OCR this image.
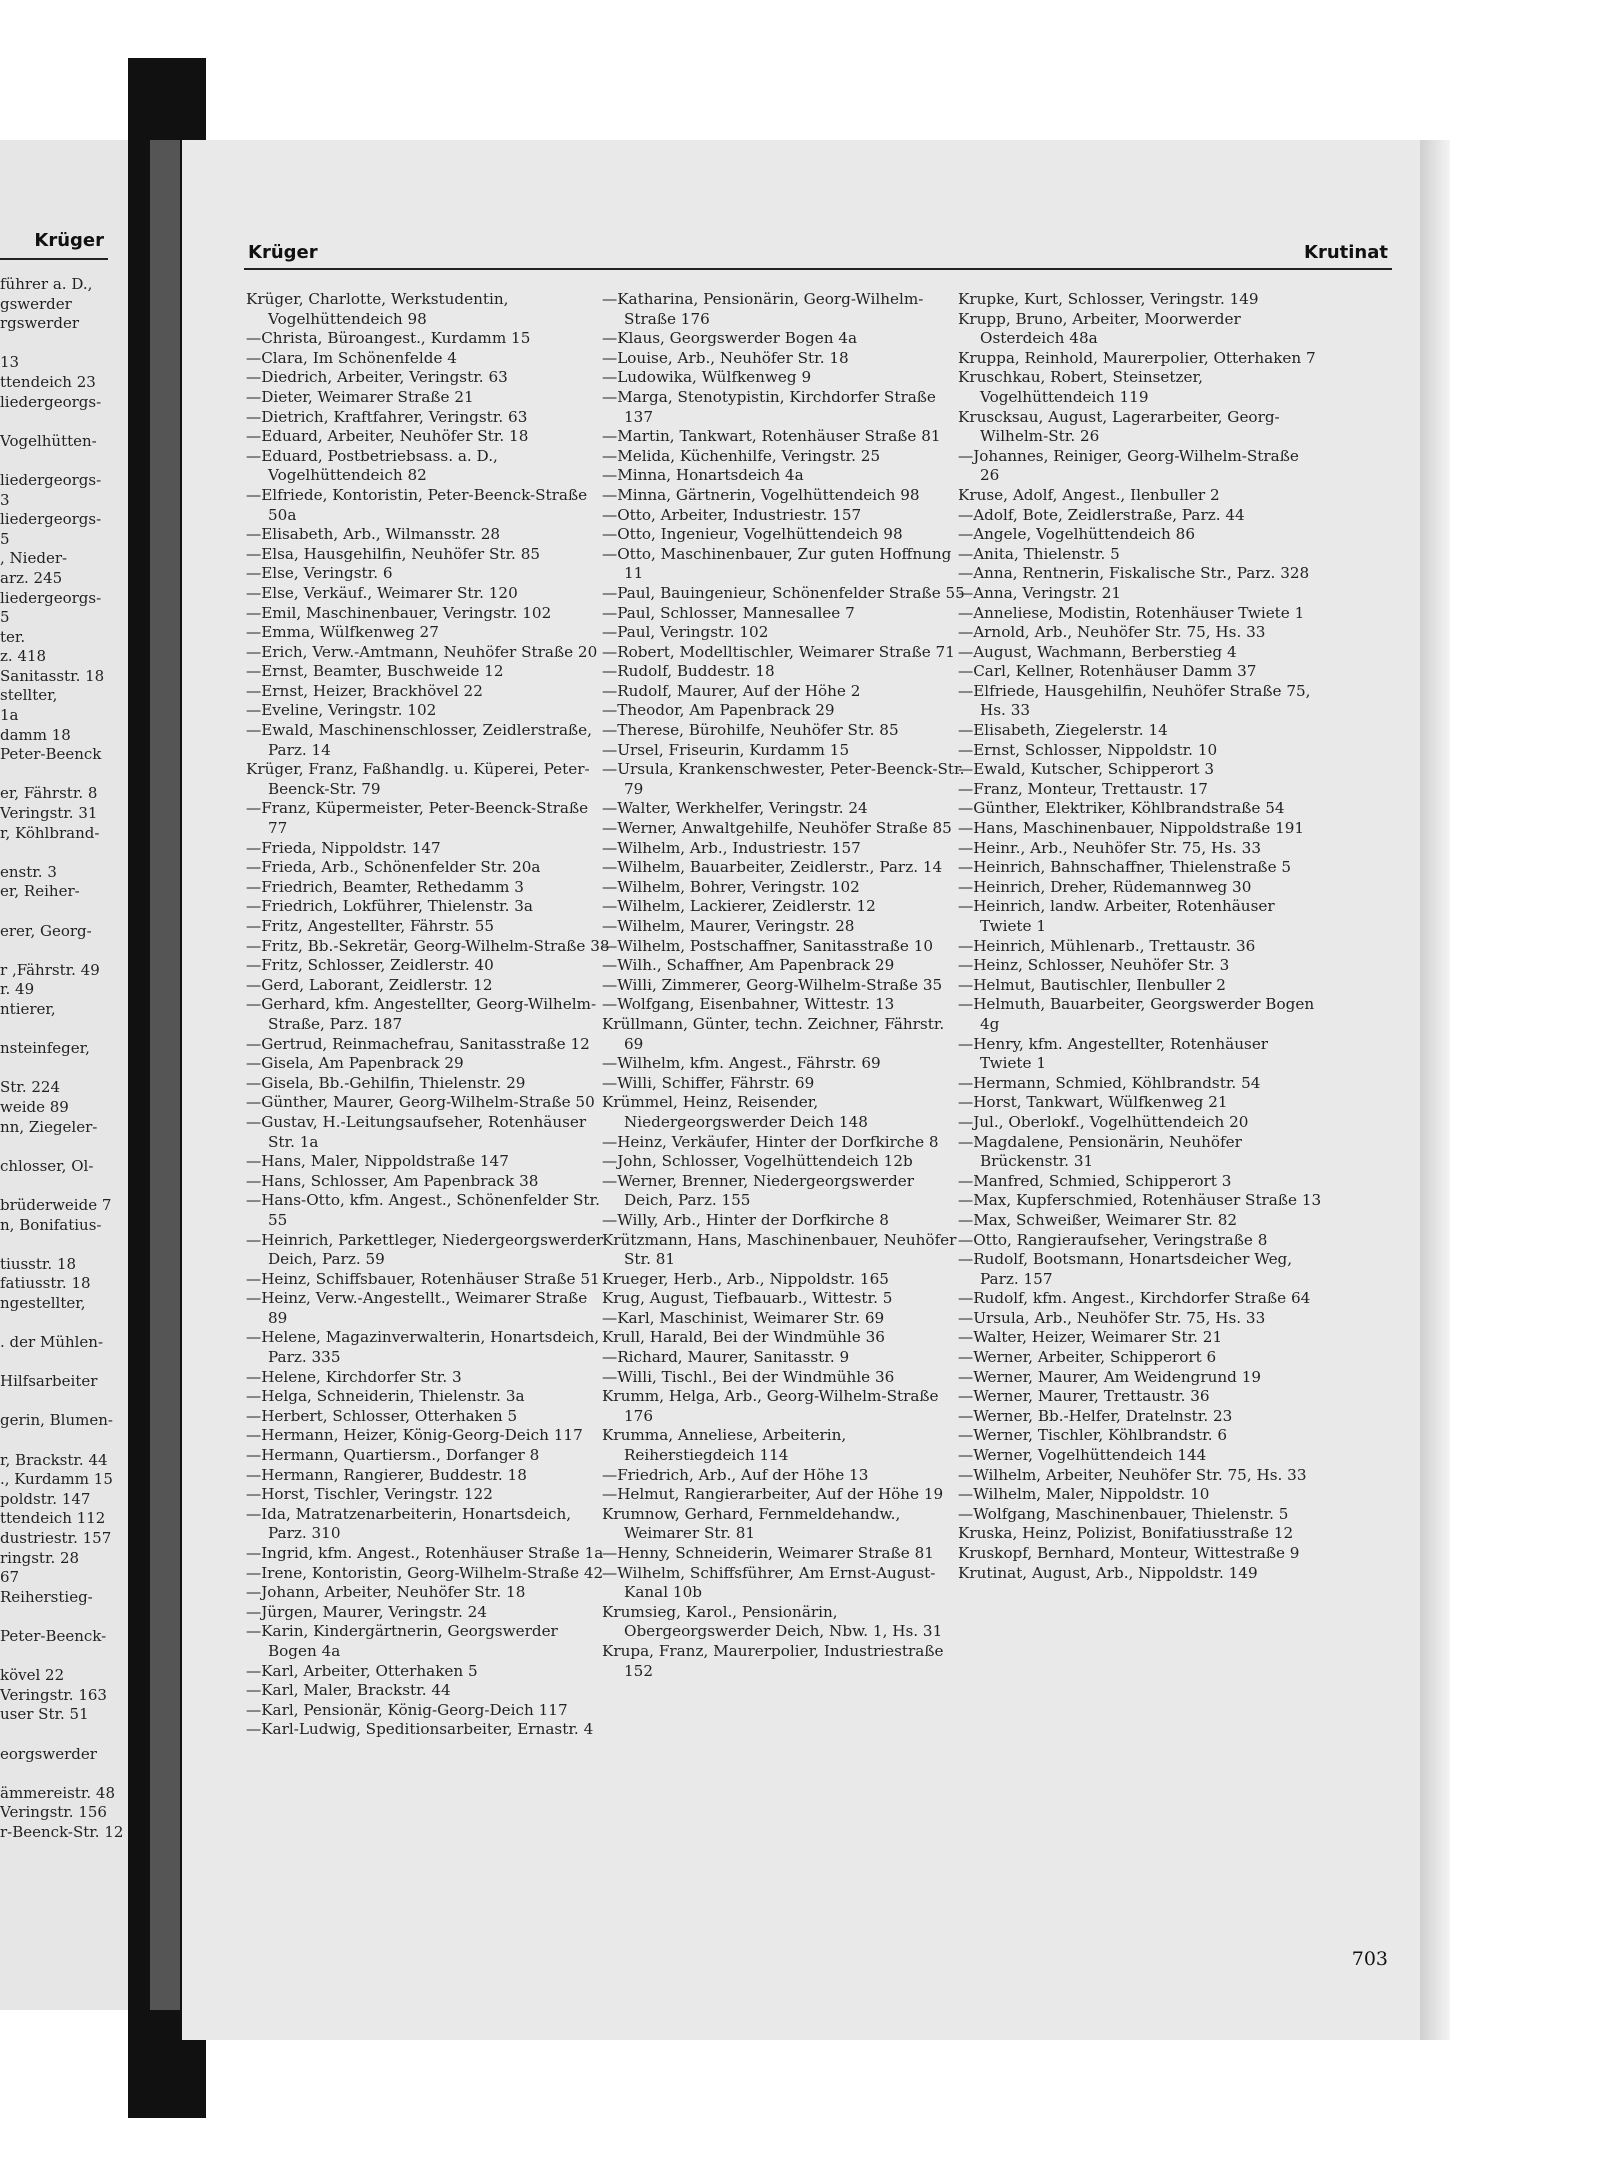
Krüger
führer a. D.,
gswerder
rgswerder

13
ttendeich 23
liedergeorgs-

Vogelhütten-

liedergeorgs-
3
liedergeorgs-
5
, Nieder-
arz. 245
liedergeorgs-
5
ter.
z. 418
Sanitasstr. 18
stellter,
1a
damm 18
Peter-Beenck

er, Fährstr. 8
Veringstr. 31
r, Köhlbrand-

enstr. 3
er, Reiher-

erer, Georg-

r ,Fährstr. 49
r. 49
ntierer,

nsteinfeger,

Str. 224
weide 89
nn, Ziegeler-

chlosser, Ol-

brüderweide 7
n, Bonifatius-

tiusstr. 18
fatiusstr. 18
ngestellter,

. der Mühlen-

Hilfsarbeiter

gerin, Blumen-

r, Brackstr. 44
., Kurdamm 15
poldstr. 147
ttendeich 112
dustriestr. 157
ringstr. 28
67
Reiherstieg-

Peter-Beenck-

kövel 22
Veringstr. 163
user Str. 51

eorgswerder

ämmereistr. 48
Veringstr. 156
r-Beenck-Str. 12
Krüger	Krutinat
Krüger, Charlotte, Werkstudentin, Vogelhüttendeich 98
—Christa, Büroangest., Kurdamm 15
—Clara, Im Schönenfelde 4
—Diedrich, Arbeiter, Veringstr. 63
—Dieter, Weimarer Straße 21
—Dietrich, Kraftfahrer, Veringstr. 63
—Eduard, Arbeiter, Neuhöfer Str. 18
—Eduard, Postbetriebsass. a. D., Vogelhüttendeich 82
—Elfriede, Kontoristin, Peter-Beenck-Straße 50a
—Elisabeth, Arb., Wilmansstr. 28
—Elsa, Hausgehilfin, Neuhöfer Str. 85
—Else, Veringstr. 6
—Else, Verkäuf., Weimarer Str. 120
—Emil, Maschinenbauer, Veringstr. 102
—Emma, Wülfkenweg 27
—Erich, Verw.-Amtmann, Neuhöfer Straße 20
—Ernst, Beamter, Buschweide 12
—Ernst, Heizer, Brackhövel 22
—Eveline, Veringstr. 102
—Ewald, Maschinenschlosser, Zeidlerstraße, Parz. 14
Krüger, Franz, Faßhandlg. u. Küperei, Peter-Beenck-Str. 79
—Franz, Küpermeister, Peter-Beenck-Straße 77
—Frieda, Nippoldstr. 147
—Frieda, Arb., Schönenfelder Str. 20a
—Friedrich, Beamter, Rethedamm 3
—Friedrich, Lokführer, Thielenstr. 3a
—Fritz, Angestellter, Fährstr. 55
—Fritz, Bb.-Sekretär, Georg-Wilhelm-Straße 38
—Fritz, Schlosser, Zeidlerstr. 40
—Gerd, Laborant, Zeidlerstr. 12
—Gerhard, kfm. Angestellter, Georg-Wilhelm-Straße, Parz. 187
—Gertrud, Reinmachefrau, Sanitasstraße 12
—Gisela, Am Papenbrack 29
—Gisela, Bb.-Gehilfin, Thielenstr. 29
—Günther, Maurer, Georg-Wilhelm-Straße 50
—Gustav, H.-Leitungsaufseher, Rotenhäuser Str. 1a
—Hans, Maler, Nippoldstraße 147
—Hans, Schlosser, Am Papenbrack 38
—Hans-Otto, kfm. Angest., Schönenfelder Str. 55
—Heinrich, Parkettleger, Niedergeorgswerder Deich, Parz. 59
—Heinz, Schiffsbauer, Rotenhäuser Straße 51
—Heinz, Verw.-Angestellt., Weimarer Straße 89
—Helene, Magazinverwalterin, Honartsdeich, Parz. 335
—Helene, Kirchdorfer Str. 3
—Helga, Schneiderin, Thielenstr. 3a
—Herbert, Schlosser, Otterhaken 5
—Hermann, Heizer, König-Georg-Deich 117
—Hermann, Quartiersm., Dorfanger 8
—Hermann, Rangierer, Buddestr. 18
—Horst, Tischler, Veringstr. 122
—Ida, Matratzenarbeiterin, Honartsdeich, Parz. 310
—Ingrid, kfm. Angest., Rotenhäuser Straße 1a
—Irene, Kontoristin, Georg-Wilhelm-Straße 42
—Johann, Arbeiter, Neuhöfer Str. 18
—Jürgen, Maurer, Veringstr. 24
—Karin, Kindergärtnerin, Georgswerder Bogen 4a
—Karl, Arbeiter, Otterhaken 5
—Karl, Maler, Brackstr. 44
—Karl, Pensionär, König-Georg-Deich 117
—Karl-Ludwig, Speditionsarbeiter, Ernastr. 4
—Katharina, Pensionärin, Georg-Wilhelm-Straße 176
—Klaus, Georgswerder Bogen 4a
—Louise, Arb., Neuhöfer Str. 18
—Ludowika, Wülfkenweg 9
—Marga, Stenotypistin, Kirchdorfer Straße 137
—Martin, Tankwart, Rotenhäuser Straße 81
—Melida, Küchenhilfe, Veringstr. 25
—Minna, Honartsdeich 4a
—Minna, Gärtnerin, Vogelhüttendeich 98
—Otto, Arbeiter, Industriestr. 157
—Otto, Ingenieur, Vogelhüttendeich 98
—Otto, Maschinenbauer, Zur guten Hoffnung 11
—Paul, Bauingenieur, Schönenfelder Straße 55
—Paul, Schlosser, Mannesallee 7
—Paul, Veringstr. 102
—Robert, Modelltischler, Weimarer Straße 71
—Rudolf, Buddestr. 18
—Rudolf, Maurer, Auf der Höhe 2
—Theodor, Am Papenbrack 29
—Therese, Bürohilfe, Neuhöfer Str. 85
—Ursel, Friseurin, Kurdamm 15
—Ursula, Krankenschwester, Peter-Beenck-Str. 79
—Walter, Werkhelfer, Veringstr. 24
—Werner, Anwaltgehilfe, Neuhöfer Straße 85
—Wilhelm, Arb., Industriestr. 157
—Wilhelm, Bauarbeiter, Zeidlerstr., Parz. 14
—Wilhelm, Bohrer, Veringstr. 102
—Wilhelm, Lackierer, Zeidlerstr. 12
—Wilhelm, Maurer, Veringstr. 28
—Wilhelm, Postschaffner, Sanitasstraße 10
—Wilh., Schaffner, Am Papenbrack 29
—Willi, Zimmerer, Georg-Wilhelm-Straße 35
—Wolfgang, Eisenbahner, Wittestr. 13
Krüllmann, Günter, techn. Zeichner, Fährstr. 69
—Wilhelm, kfm. Angest., Fährstr. 69
—Willi, Schiffer, Fährstr. 69
Krümmel, Heinz, Reisender, Niedergeorgswerder Deich 148
—Heinz, Verkäufer, Hinter der Dorfkirche 8
—John, Schlosser, Vogelhüttendeich 12b
—Werner, Brenner, Niedergeorgswerder Deich, Parz. 155
—Willy, Arb., Hinter der Dorfkirche 8
Krützmann, Hans, Maschinenbauer, Neuhöfer Str. 81
Krueger, Herb., Arb., Nippoldstr. 165
Krug, August, Tiefbauarb., Wittestr. 5
—Karl, Maschinist, Weimarer Str. 69
Krull, Harald, Bei der Windmühle 36
—Richard, Maurer, Sanitasstr. 9
—Willi, Tischl., Bei der Windmühle 36
Krumm, Helga, Arb., Georg-Wilhelm-Straße 176
Krumma, Anneliese, Arbeiterin, Reiherstiegdeich 114
—Friedrich, Arb., Auf der Höhe 13
—Helmut, Rangierarbeiter, Auf der Höhe 19
Krumnow, Gerhard, Fernmeldehandw., Weimarer Str. 81
—Henny, Schneiderin, Weimarer Straße 81
—Wilhelm, Schiffsführer, Am Ernst-August-Kanal 10b
Krumsieg, Karol., Pensionärin, Obergeorgswerder Deich, Nbw. 1, Hs. 31
Krupa, Franz, Maurerpolier, Industriestraße 152
Krupke, Kurt, Schlosser, Veringstr. 149
Krupp, Bruno, Arbeiter, Moorwerder Osterdeich 48a
Kruppa, Reinhold, Maurerpolier, Otterhaken 7
Kruschkau, Robert, Steinsetzer, Vogelhüttendeich 119
Kruscksau, August, Lagerarbeiter, Georg-Wilhelm-Str. 26
—Johannes, Reiniger, Georg-Wilhelm-Straße 26
Kruse, Adolf, Angest., Ilenbuller 2
—Adolf, Bote, Zeidlerstraße, Parz. 44
—Angele, Vogelhüttendeich 86
—Anita, Thielenstr. 5
—Anna, Rentnerin, Fiskalische Str., Parz. 328
—Anna, Veringstr. 21
—Anneliese, Modistin, Rotenhäuser Twiete 1
—Arnold, Arb., Neuhöfer Str. 75, Hs. 33
—August, Wachmann, Berberstieg 4
—Carl, Kellner, Rotenhäuser Damm 37
—Elfriede, Hausgehilfin, Neuhöfer Straße 75, Hs. 33
—Elisabeth, Ziegelerstr. 14
—Ernst, Schlosser, Nippoldstr. 10
—Ewald, Kutscher, Schipperort 3
—Franz, Monteur, Trettaustr. 17
—Günther, Elektriker, Köhlbrandstraße 54
—Hans, Maschinenbauer, Nippoldstraße 191
—Heinr., Arb., Neuhöfer Str. 75, Hs. 33
—Heinrich, Bahnschaffner, Thielenstraße 5
—Heinrich, Dreher, Rüdemannweg 30
—Heinrich, landw. Arbeiter, Rotenhäuser Twiete 1
—Heinrich, Mühlenarb., Trettaustr. 36
—Heinz, Schlosser, Neuhöfer Str. 3
—Helmut, Bautischler, Ilenbuller 2
—Helmuth, Bauarbeiter, Georgswerder Bogen 4g
—Henry, kfm. Angestellter, Rotenhäuser Twiete 1
—Hermann, Schmied, Köhlbrandstr. 54
—Horst, Tankwart, Wülfkenweg 21
—Jul., Oberlokf., Vogelhüttendeich 20
—Magdalene, Pensionärin, Neuhöfer Brückenstr. 31
—Manfred, Schmied, Schipperort 3
—Max, Kupferschmied, Rotenhäuser Straße 13
—Max, Schweißer, Weimarer Str. 82
—Otto, Rangieraufseher, Veringstraße 8
—Rudolf, Bootsmann, Honartsdeicher Weg, Parz. 157
—Rudolf, kfm. Angest., Kirchdorfer Straße 64
—Ursula, Arb., Neuhöfer Str. 75, Hs. 33
—Walter, Heizer, Weimarer Str. 21
—Werner, Arbeiter, Schipperort 6
—Werner, Maurer, Am Weidengrund 19
—Werner, Maurer, Trettaustr. 36
—Werner, Bb.-Helfer, Dratelnstr. 23
—Werner, Tischler, Köhlbrandstr. 6
—Werner, Vogelhüttendeich 144
—Wilhelm, Arbeiter, Neuhöfer Str. 75, Hs. 33
—Wilhelm, Maler, Nippoldstr. 10
—Wolfgang, Maschinenbauer, Thielenstr. 5
Kruska, Heinz, Polizist, Bonifatiusstraße 12
Kruskopf, Bernhard, Monteur, Wittestraße 9
Krutinat, August, Arb., Nippoldstr. 149
703
